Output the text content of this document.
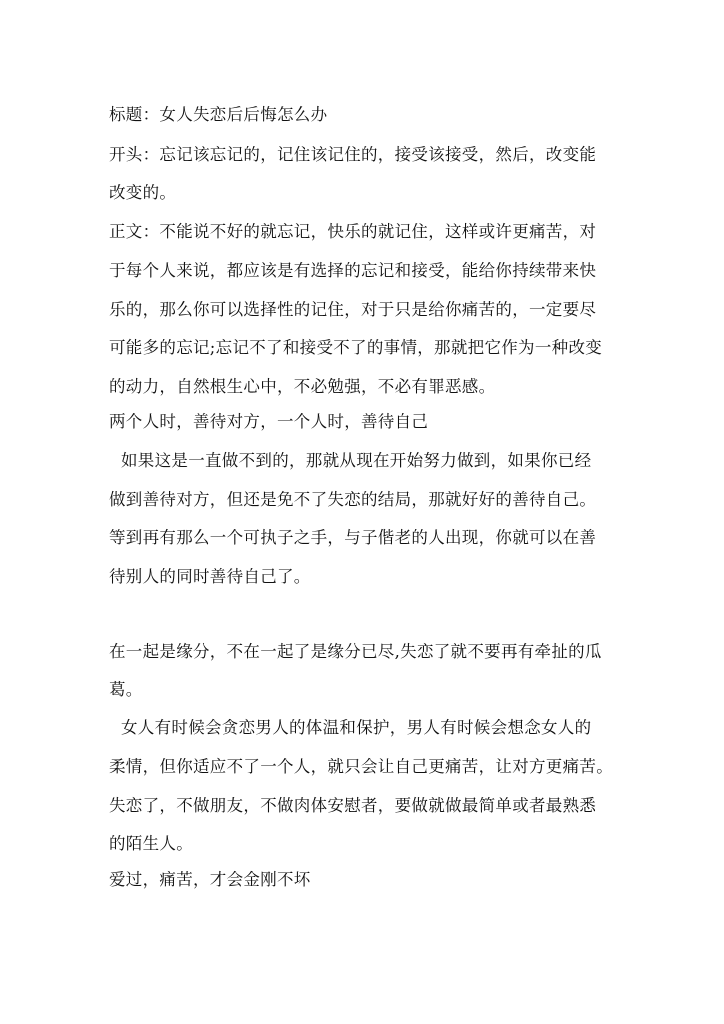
标题：女人失恋后后悔怎么办
开头：忘记该忘记的，记住该记住的，接受该接受，然后，改变能
改变的。
正文：不能说不好的就忘记，快乐的就记住，这样或许更痛苦，对
于每个人来说，都应该是有选择的忘记和接受，能给你持续带来快
乐的，那么你可以选择性的记住，对于只是给你痛苦的，一定要尽
可能多的忘记;忘记不了和接受不了的事情，那就把它作为一种改变
的动力，自然根生心中，不必勉强，不必有罪恶感。
两个人时，善待对方，一个人时，善待自己
如果这是一直做不到的，那就从现在开始努力做到，如果你已经
做到善待对方，但还是免不了失恋的结局，那就好好的善待自己。
等到再有那么一个可执子之手，与子偕老的人出现，你就可以在善
待别人的同时善待自己了。
在一起是缘分，不在一起了是缘分已尽,失恋了就不要再有牵扯的瓜
葛。
女人有时候会贪恋男人的体温和保护，男人有时候会想念女人的
柔情，但你适应不了一个人，就只会让自己更痛苦，让对方更痛苦。
失恋了，不做朋友，不做肉体安慰者，要做就做最简单或者最熟悉
的陌生人。
爱过，痛苦，才会金刚不坏
